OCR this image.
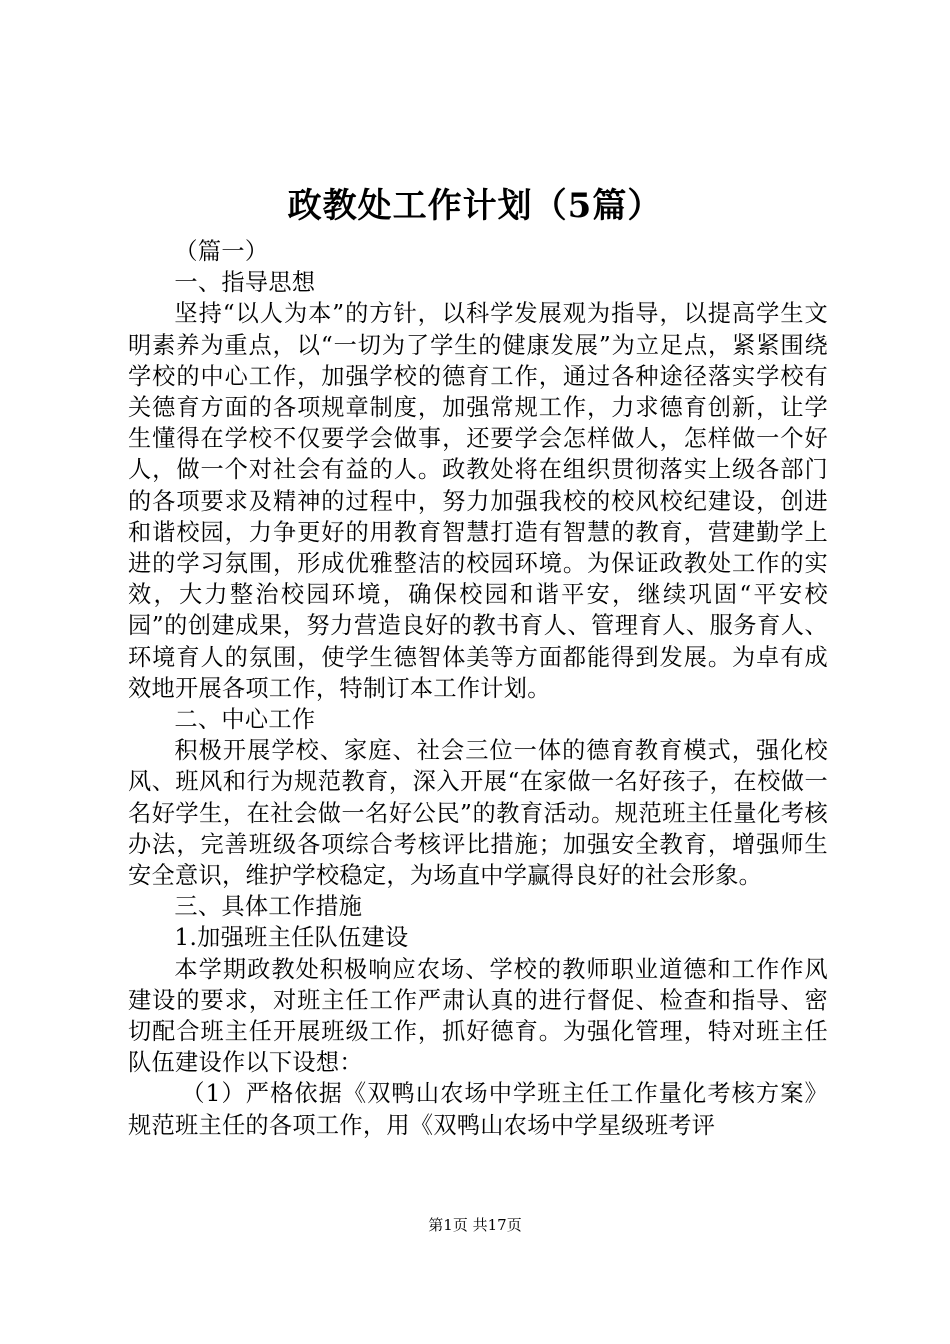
政教处工作计划（5篇）

（篇一）

一、指导思想

坚持“以人为本”的方针，以科学发展观为指导，以提高学生文明素养为重点，以“一切为了学生的健康发展”为立足点，紧紧围绕学校的中心工作，加强学校的德育工作，通过各种途径落实学校有关德育方面的各项规章制度，加强常规工作，力求德育创新，让学生懂得在学校不仅要学会做事，还要学会怎样做人，怎样做一个好人，做一个对社会有益的人。政教处将在组织贯彻落实上级各部门的各项要求及精神的过程中，努力加强我校的校风校纪建设，创进和谐校园，力争更好的用教育智慧打造有智慧的教育，营建勤学上进的学习氛围，形成优雅整洁的校园环境。为保证政教处工作的实效，大力整治校园环境，确保校园和谐平安，继续巩固“平安校园”的创建成果，努力营造良好的教书育人、管理育人、服务育人、环境育人的氛围，使学生德智体美等方面都能得到发展。为卓有成效地开展各项工作，特制订本工作计划。

二、中心工作

积极开展学校、家庭、社会三位一体的德育教育模式，强化校风、班风和行为规范教育，深入开展“在家做一名好孩子，在校做一名好学生，在社会做一名好公民”的教育活动。规范班主任量化考核办法，完善班级各项综合考核评比措施；加强安全教育，增强师生安全意识，维护学校稳定，为场直中学赢得良好的社会形象。

三、具体工作措施

1.加强班主任队伍建设

本学期政教处积极响应农场、学校的教师职业道德和工作作风建设的要求，对班主任工作严肃认真的进行督促、检查和指导、密切配合班主任开展班级工作，抓好德育。为强化管理，特对班主任队伍建设作以下设想：

（1）严格依据《双鸭山农场中学班主任工作量化考核方案》规范班主任的各项工作，用《双鸭山农场中学星级班考评

第1页 共17页
